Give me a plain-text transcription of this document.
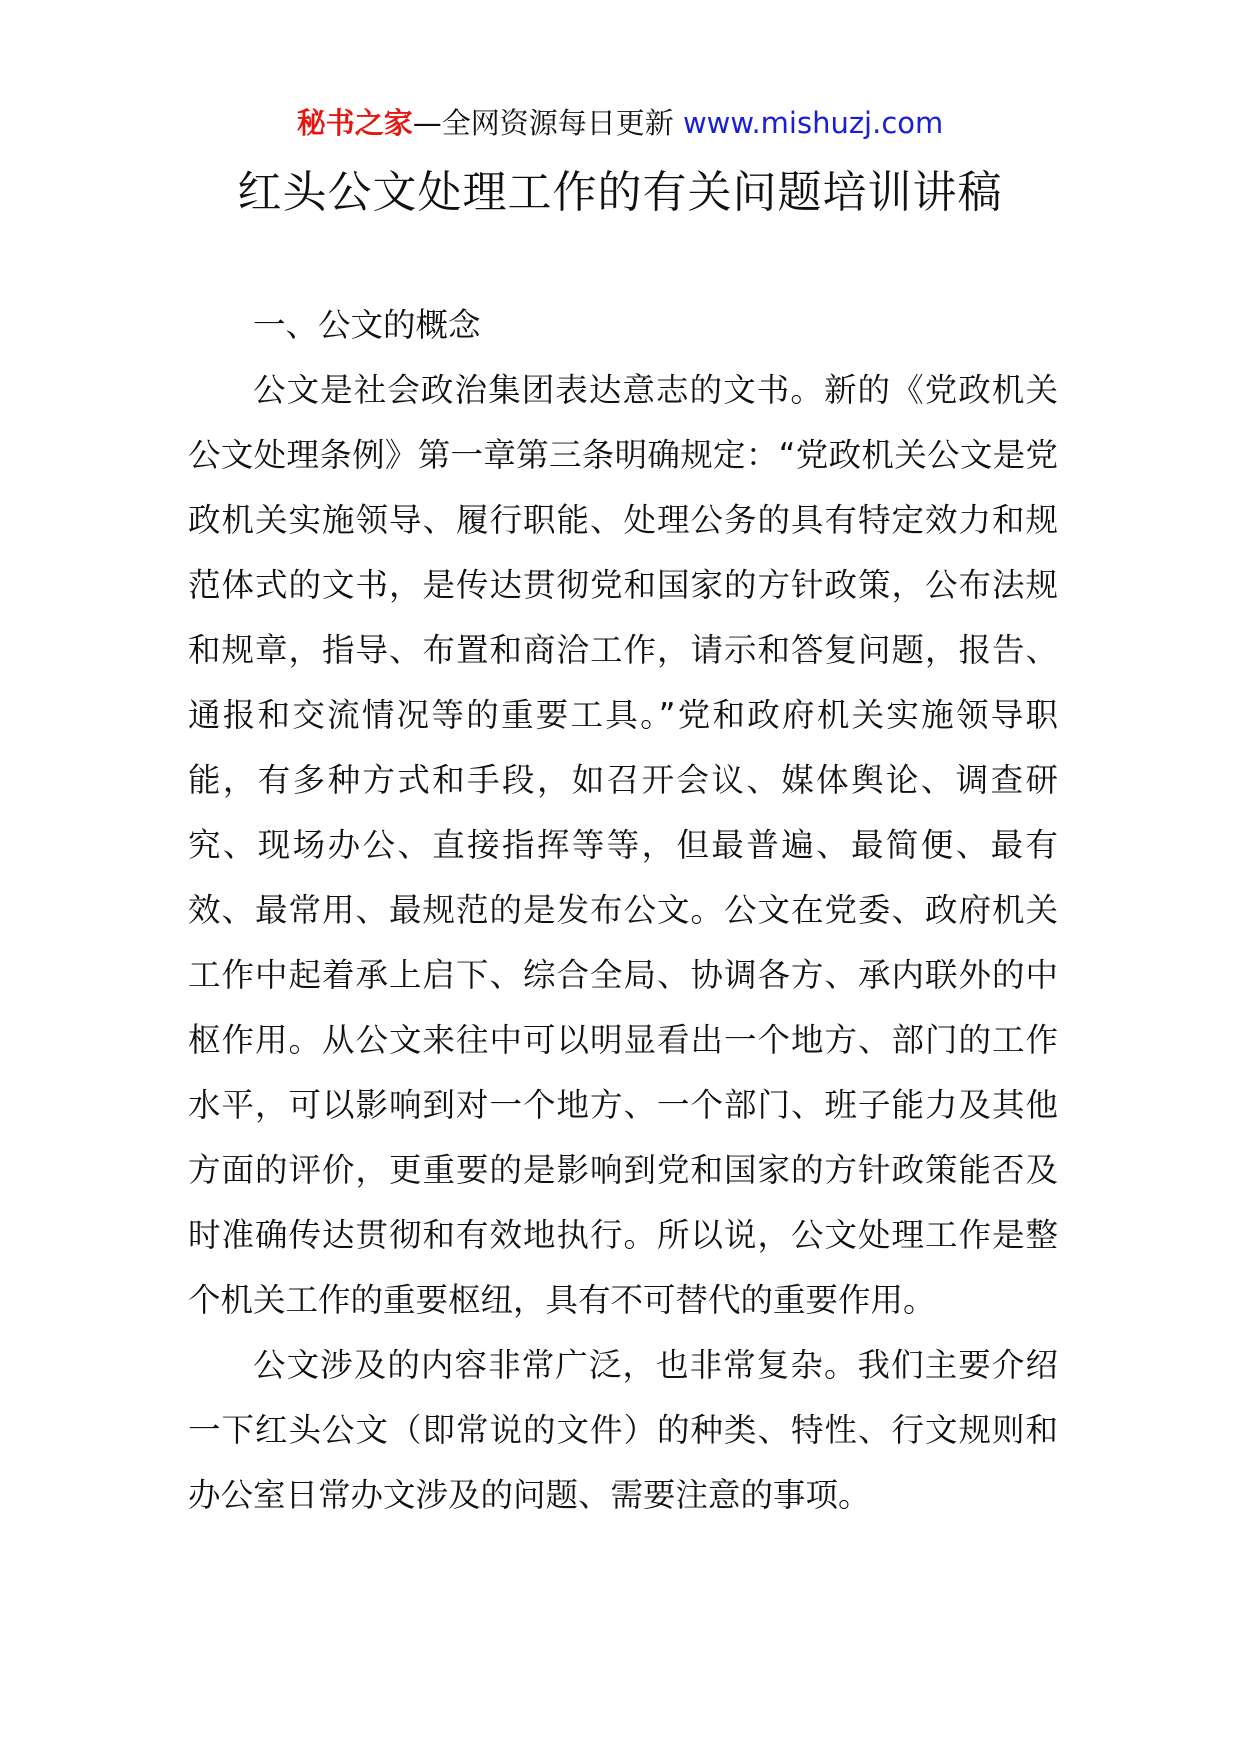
秘书之家—全网资源每日更新 www.mishuzj.com
红头公文处理工作的有关问题培训讲稿

一、公文的概念

公文是社会政治集团表达意志的文书。新的《党政机关公文处理条例》第一章第三条明确规定：“党政机关公文是党政机关实施领导、履行职能、处理公务的具有特定效力和规范体式的文书，是传达贯彻党和国家的方针政策，公布法规和规章，指导、布置和商洽工作，请示和答复问题，报告、通报和交流情况等的重要工具。”党和政府机关实施领导职能，有多种方式和手段，如召开会议、媒体舆论、调查研究、现场办公、直接指挥等等，但最普遍、最简便、最有效、最常用、最规范的是发布公文。公文在党委、政府机关工作中起着承上启下、综合全局、协调各方、承内联外的中枢作用。从公文来往中可以明显看出一个地方、部门的工作水平，可以影响到对一个地方、一个部门、班子能力及其他方面的评价，更重要的是影响到党和国家的方针政策能否及时准确传达贯彻和有效地执行。所以说，公文处理工作是整个机关工作的重要枢纽，具有不可替代的重要作用。

公文涉及的内容非常广泛，也非常复杂。我们主要介绍一下红头公文（即常说的文件）的种类、特性、行文规则和办公室日常办文涉及的问题、需要注意的事项。
